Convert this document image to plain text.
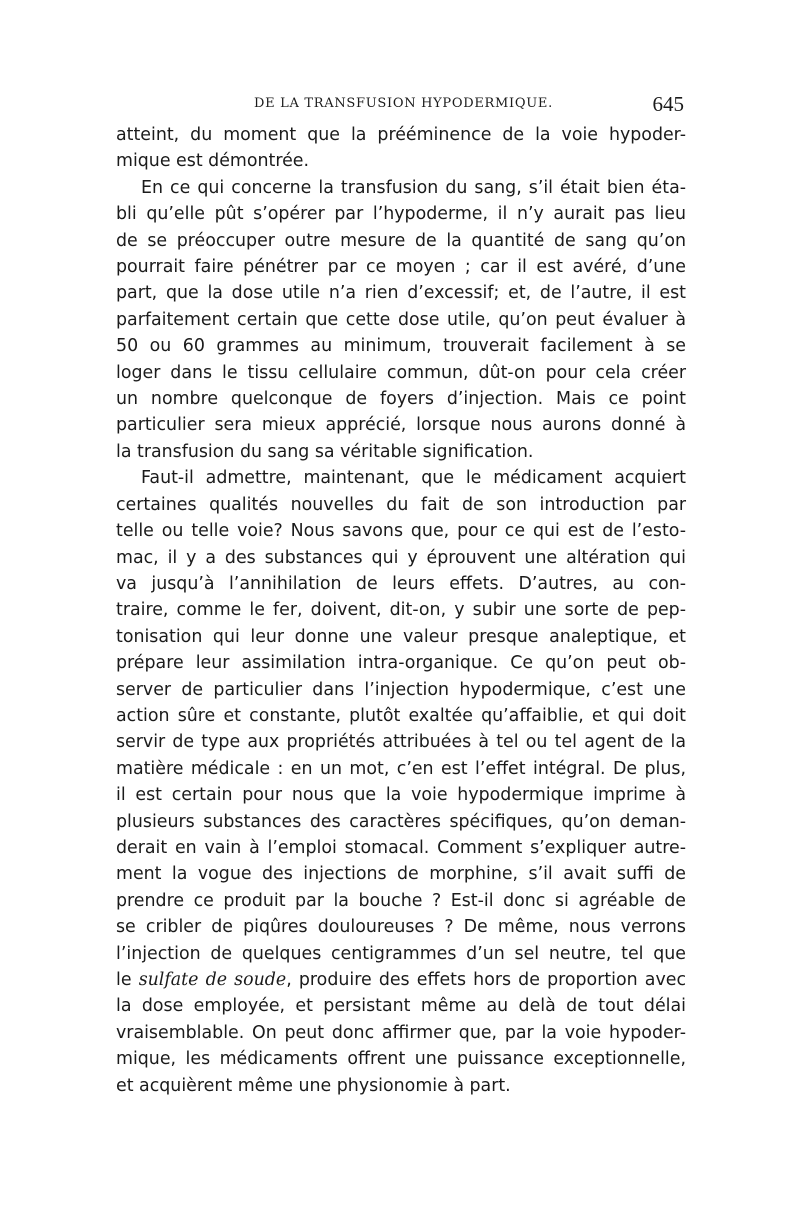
DE LA TRANSFUSION HYPODERMIQUE.	645

atteint, du moment que la prééminence de la voie hypoder-
mique est démontrée.

En ce qui concerne la transfusion du sang, s’il était bien éta-
bli qu’elle pût s’opérer par l’hypoderme, il n’y aurait pas lieu
de se préoccuper outre mesure de la quantité de sang qu’on
pourrait faire pénétrer par ce moyen ; car il est avéré, d’une
part, que la dose utile n’a rien d’excessif; et, de l’autre, il est
parfaitement certain que cette dose utile, qu’on peut évaluer à
50 ou 60 grammes au minimum, trouverait facilement à se
loger dans le tissu cellulaire commun, dût-on pour cela créer
un nombre quelconque de foyers d’injection. Mais ce point
particulier sera mieux apprécié, lorsque nous aurons donné à
la transfusion du sang sa véritable signification.

Faut-il admettre, maintenant, que le médicament acquiert
certaines qualités nouvelles du fait de son introduction par
telle ou telle voie? Nous savons que, pour ce qui est de l’esto-
mac, il y a des substances qui y éprouvent une altération qui
va jusqu’à l’annihilation de leurs effets. D’autres, au con-
traire, comme le fer, doivent, dit-on, y subir une sorte de pep-
tonisation qui leur donne une valeur presque analeptique, et
prépare leur assimilation intra-organique. Ce qu’on peut ob-
server de particulier dans l’injection hypodermique, c’est une
action sûre et constante, plutôt exaltée qu’affaiblie, et qui doit
servir de type aux propriétés attribuées à tel ou tel agent de la
matière médicale : en un mot, c’en est l’effet intégral. De plus,
il est certain pour nous que la voie hypodermique imprime à
plusieurs substances des caractères spécifiques, qu’on deman-
derait en vain à l’emploi stomacal. Comment s’expliquer autre-
ment la vogue des injections de morphine, s’il avait suffi de
prendre ce produit par la bouche ? Est-il donc si agréable de
se cribler de piqûres douloureuses ? De même, nous verrons
l’injection de quelques centigrammes d’un sel neutre, tel que
le sulfate de soude, produire des effets hors de proportion avec
la dose employée, et persistant même au delà de tout délai
vraisemblable. On peut donc affirmer que, par la voie hypoder-
mique, les médicaments offrent une puissance exceptionnelle,
et acquièrent même une physionomie à part.
